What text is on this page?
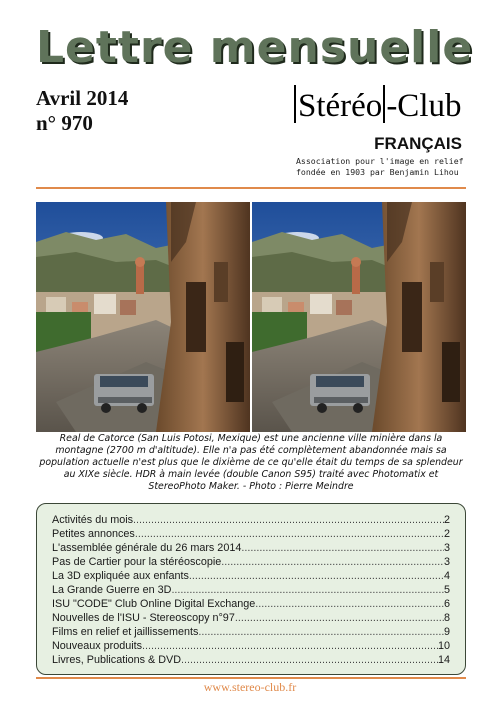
Lettre mensuelle
Avril 2014
n° 970	Stéréo -Club
FRANÇAIS
Association pour l'image en relief
fondée en 1903 par Benjamin Lihou
Real de Catorce (San Luis Potosi, Mexique) est une ancienne ville minière dans la montagne (2700 m d'altitude). Elle n'a pas été complètement abandonnée mais sa population actuelle n'est plus que le dixième de ce qu'elle était du temps de sa splendeur au XIXe siècle. HDR à main levée (double Canon S95) traité avec Photomatix et StereoPhoto Maker. - Photo : Pierre Meindre
Activités du mois .....	2
Petites annonces .....	2
L'assemblée générale du 26 mars 2014 .....	3
Pas de Cartier pour la stéréoscopie .....	3
La 3D expliquée aux enfants .....	4
La Grande Guerre en 3D .....	5
ISU "CODE" Club Online Digital Exchange .....	6
Nouvelles de l'ISU - Stereoscopy n°97 .....	8
Films en relief et jaillissements .....	9
Nouveaux produits .....	10
Livres, Publications & DVD .....	14
www.stereo-club.fr
